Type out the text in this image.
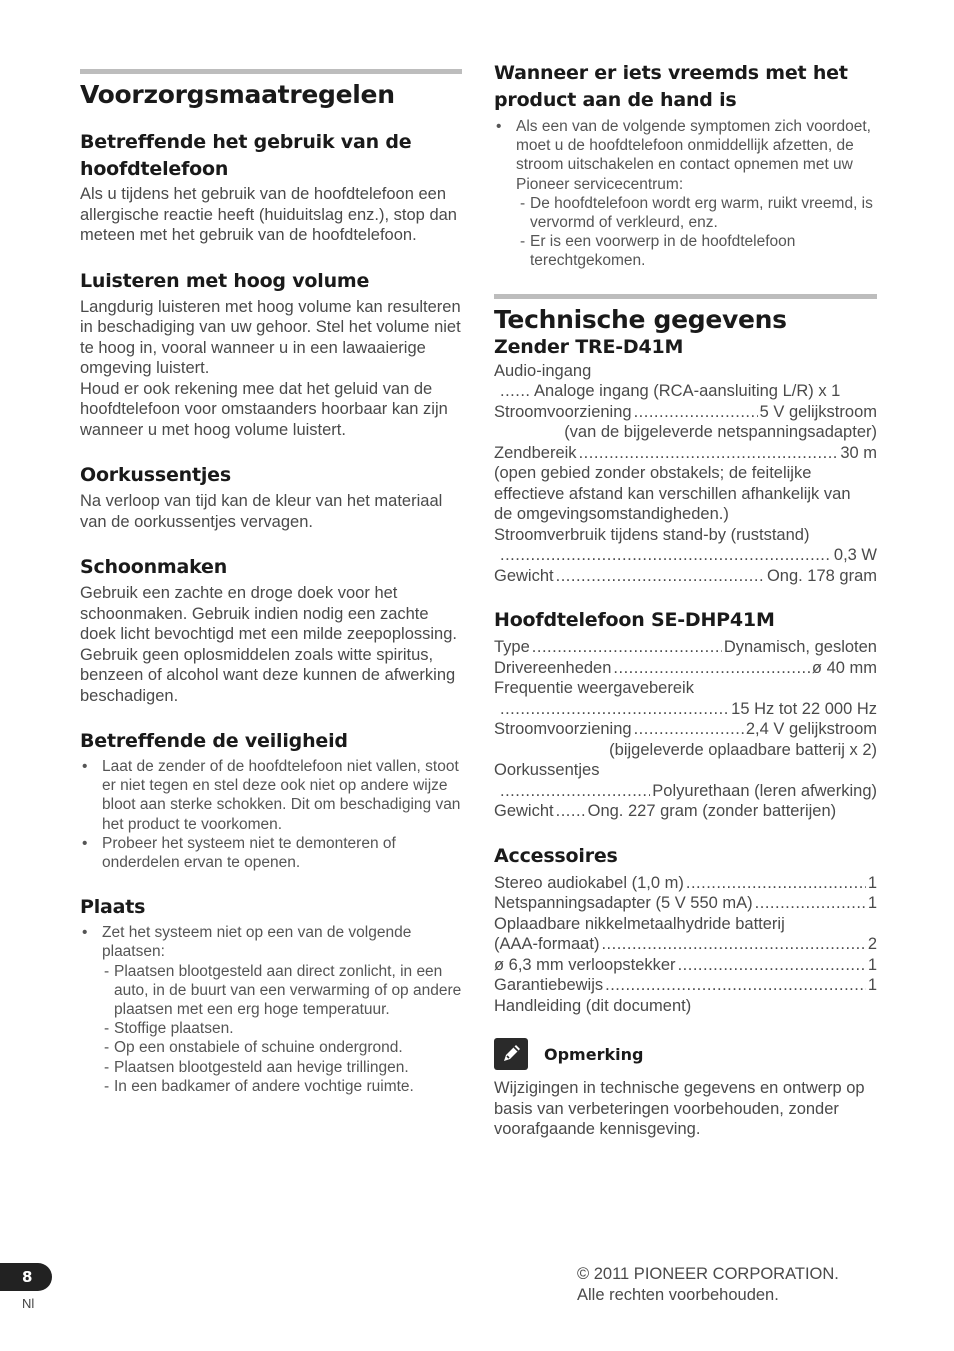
Voorzorgsmaatregelen
Betreffende het gebruik van de hoofdtelefoon

Als u tijdens het gebruik van de hoofdtelefoon een allergische reactie heeft (huiduitslag enz.), stop dan meteen met het gebruik van de hoofdtelefoon.

Luisteren met hoog volume

Langdurig luisteren met hoog volume kan resulteren in beschadiging van uw gehoor. Stel het volume niet te hoog in, vooral wanneer u in een lawaaierige omgeving luistert.

Houd er ook rekening mee dat het geluid van de hoofdtelefoon voor omstaanders hoorbaar kan zijn wanneer u met hoog volume luistert.

Oorkussentjes

Na verloop van tijd kan de kleur van het materiaal van de oorkussentjes vervagen.

Schoonmaken

Gebruik een zachte en droge doek voor het schoonmaken. Gebruik indien nodig een zachte doek licht bevochtigd met een milde zeepoplossing. Gebruik geen oplosmiddelen zoals witte spiritus, benzeen of alcohol want deze kunnen de afwerking beschadigen.

Betreffende de veiligheid
• Laat de zender of de hoofdtelefoon niet vallen, stoot er niet tegen en stel deze ook niet op andere wijze bloot aan sterke schokken. Dit om beschadiging van het product te voorkomen.
• Probeer het systeem niet te demonteren of onderdelen ervan te openen.
Plaats
• Zet het systeem niet op een van de volgende plaatsen:
- Plaatsen blootgesteld aan direct zonlicht, in een auto, in de buurt van een verwarming of op andere plaatsen met een erg hoge temperatuur.
- Stoffige plaatsen.
- Op een onstabiele of schuine ondergrond.
- Plaatsen blootgesteld aan hevige trillingen.
- In een badkamer of andere vochtige ruimte.
Wanneer er iets vreemds met het product aan de hand is
• Als een van de volgende symptomen zich voordoet, moet u de hoofdtelefoon onmiddellijk afzetten, de stroom uitschakelen en contact opnemen met uw Pioneer servicecentrum:
- De hoofdtelefoon wordt erg warm, ruikt vreemd, is vervormd of verkleurd, enz.
- Er is een voorwerp in de hoofdtelefoon terechtgekomen.
Technische gegevens
Zender TRE-D41M
Audio-ingang
.....
Analoge ingang (RCA-aansluiting L/R) x 1
Stroomvoorziening .....	5 V gelijkstroom
(van de bijgeleverde netspanningsadapter)
Zendbereik .....	30 m
(open gebied zonder obstakels; de feitelijke effectieve afstand kan verschillen afhankelijk van de omgevingsomstandigheden.)
Stroomverbruik tijdens stand-by (ruststand)
.....
0,3 W
Gewicht .....	Ong. 178 gram
Hoofdtelefoon SE-DHP41M
Type .....	Dynamisch, gesloten
Drivereenheden .....	ø 40 mm
Frequentie weergavebereik
.....
15 Hz tot 22 000 Hz
Stroomvoorziening .....	2,4 V gelijkstroom
(bijgeleverde oplaadbare batterij x 2)
Oorkussentjes
.....
Polyurethaan (leren afwerking)
Gewicht ..... Ong. 227 gram (zonder batterijen)
Accessoires
Stereo audiokabel (1,0 m) .....	1
Netspanningsadapter (5 V 550 mA) .....	1
Oplaadbare nikkelmetaalhydride batterij
(AAA-formaat) .....	2
ø 6,3 mm verloopstekker .....	1
Garantiebewijs .....	1
Handleiding (dit document)
Opmerking

Wijzigingen in technische gegevens en ontwerp op basis van verbeteringen voorbehouden, zonder voorafgaande kennisgeving.

8
Nl
© 2011 PIONEER CORPORATION.
Alle rechten voorbehouden.
